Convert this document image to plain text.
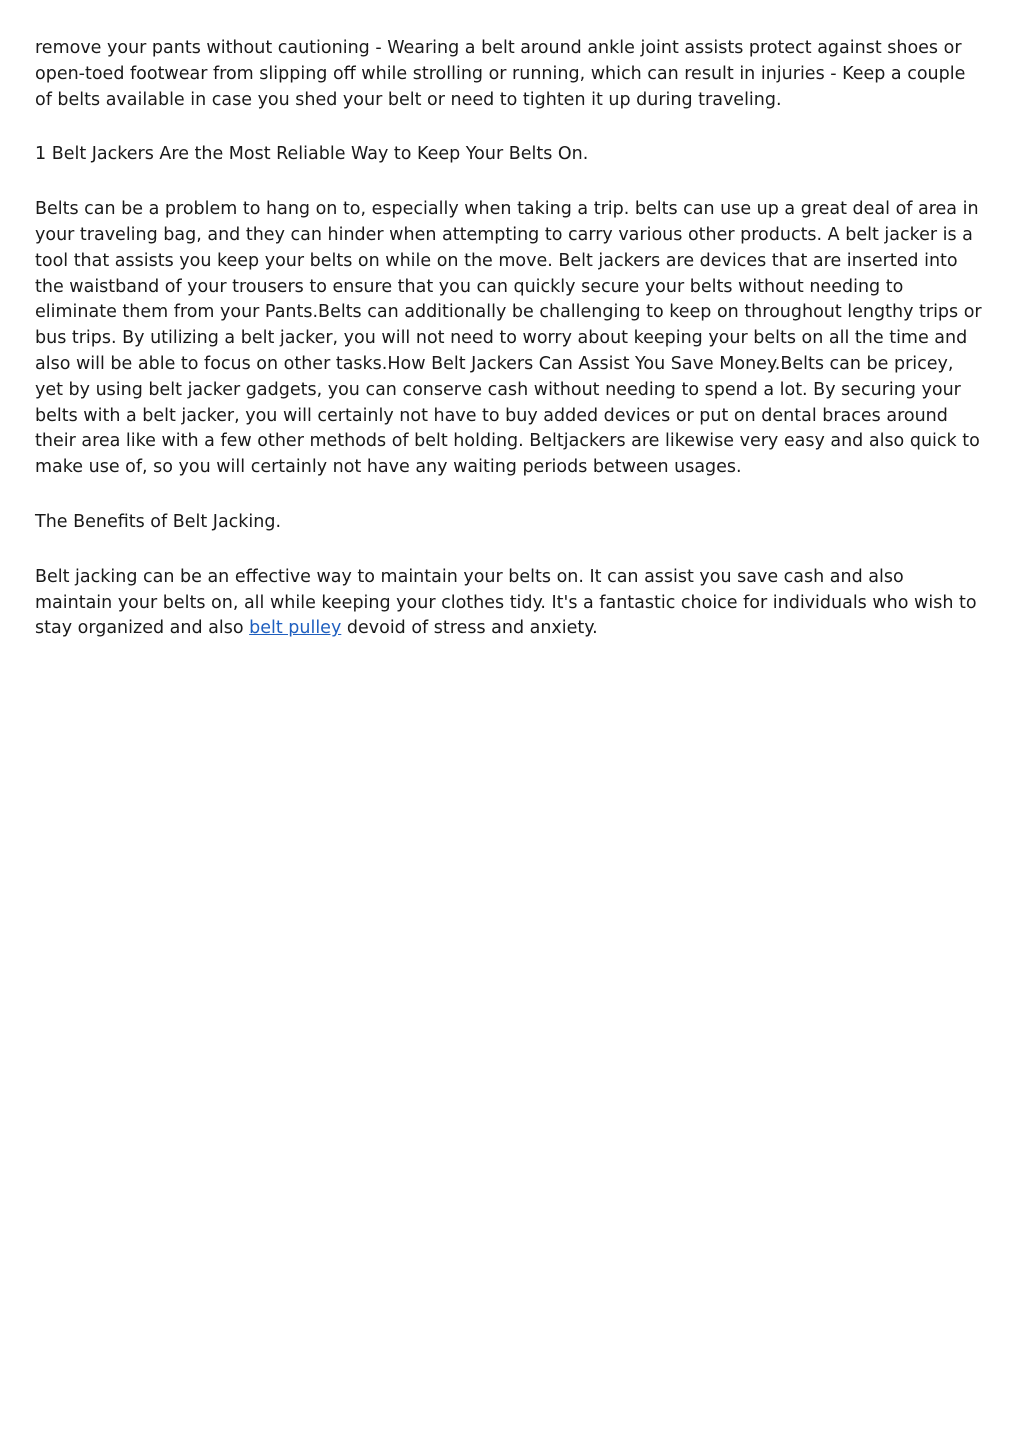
remove your pants without cautioning - Wearing a belt around ankle joint assists protect against shoes or open-toed footwear from slipping off while strolling or running, which can result in injuries - Keep a couple of belts available in case you shed your belt or need to tighten it up during traveling.

1 Belt Jackers Are the Most Reliable Way to Keep Your Belts On.

Belts can be a problem to hang on to, especially when taking a trip. belts can use up a great deal of area in your traveling bag, and they can hinder when attempting to carry various other products. A belt jacker is a tool that assists you keep your belts on while on the move. Belt jackers are devices that are inserted into the waistband of your trousers to ensure that you can quickly secure your belts without needing to eliminate them from your Pants.Belts can additionally be challenging to keep on throughout lengthy trips or bus trips. By utilizing a belt jacker, you will not need to worry about keeping your belts on all the time and also will be able to focus on other tasks.How Belt Jackers Can Assist You Save Money.Belts can be pricey, yet by using belt jacker gadgets, you can conserve cash without needing to spend a lot. By securing your belts with a belt jacker, you will certainly not have to buy added devices or put on dental braces around their area like with a few other methods of belt holding. Beltjackers are likewise very easy and also quick to make use of, so you will certainly not have any waiting periods between usages.

The Benefits of Belt Jacking.

Belt jacking can be an effective way to maintain your belts on. It can assist you save cash and also maintain your belts on, all while keeping your clothes tidy. It's a fantastic choice for individuals who wish to stay organized and also belt pulley devoid of stress and anxiety.
